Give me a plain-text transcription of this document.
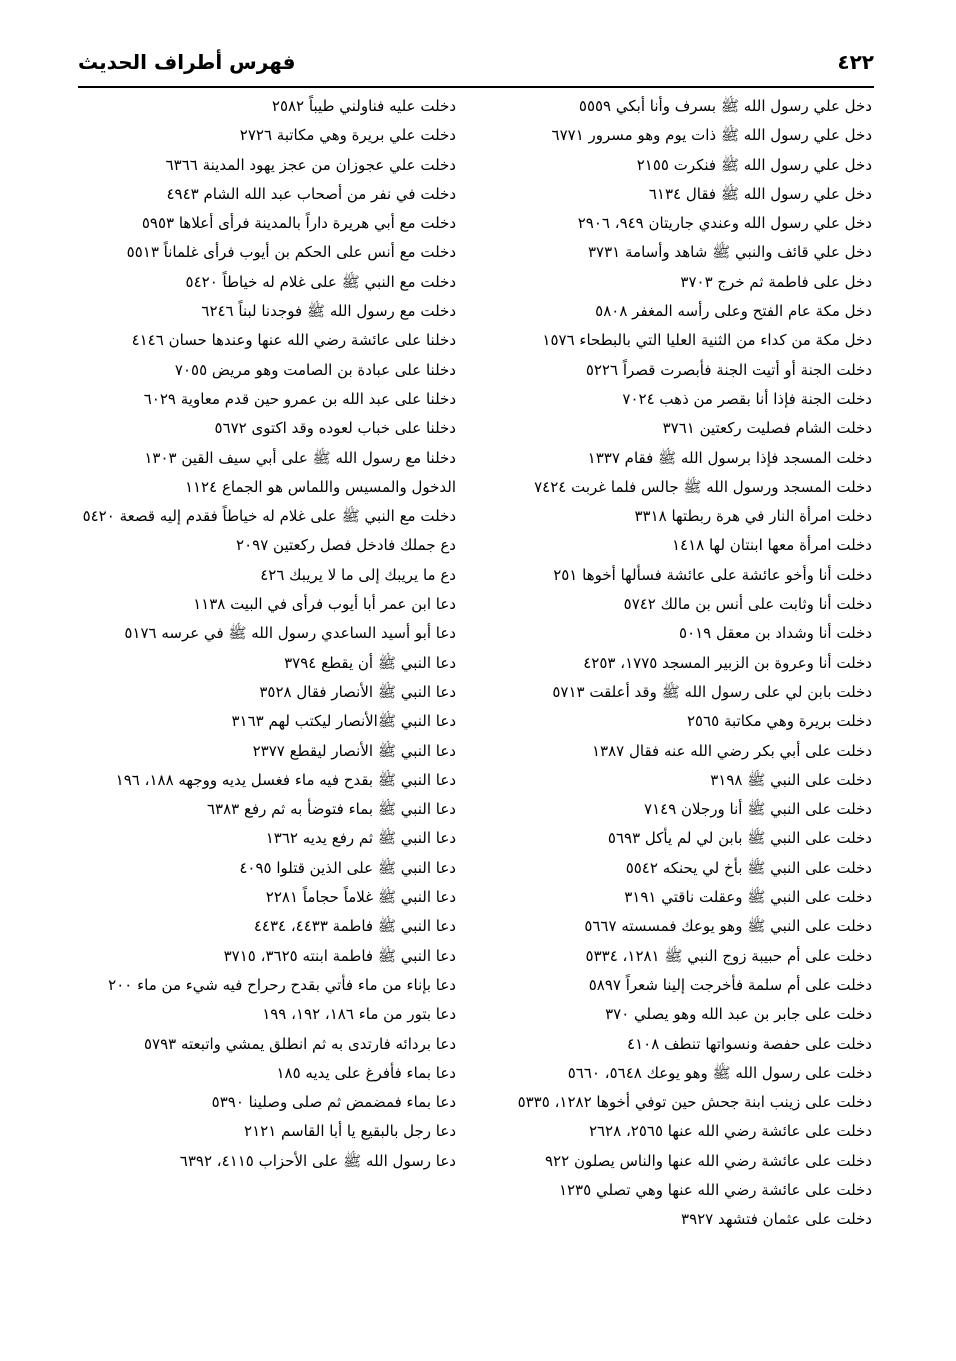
٤٢٢
فهرس أطراف الحديث
دخل علي رسول الله ﷺ بسرف وأنا أبكي ٥٥٥٩
دخل علي رسول الله ﷺ ذات يوم وهو مسرور ٦٧٧١
دخل علي رسول الله ﷺ فنكرت ٢١٥٥
دخل علي رسول الله ﷺ فقال ٦١٣٤
دخل علي رسول الله وعندي جاريتان ٩٤٩، ٢٩٠٦
دخل علي قائف والنبي ﷺ شاهد وأسامة ٣٧٣١
دخل على فاطمة ثم خرج ٣٧٠٣
دخل مكة عام الفتح وعلى رأسه المغفر ٥٨٠٨
دخل مكة من كداء من الثنية العليا التي بالبطحاء ١٥٧٦
دخلت الجنة أو أتيت الجنة فأبصرت قصراً ٥٢٢٦
دخلت الجنة فإذا أنا بقصر من ذهب ٧٠٢٤
دخلت الشام فصليت ركعتين ٣٧٦١
دخلت المسجد فإذا برسول الله ﷺ فقام ١٣٣٧
دخلت المسجد ورسول الله ﷺ جالس فلما غربت ٧٤٢٤
دخلت امرأة النار في هرة ربطتها ٣٣١٨
دخلت امرأة معها ابنتان لها ١٤١٨
دخلت أنا وأخو عائشة على عائشة فسألها أخوها ٢٥١
دخلت أنا وثابت على أنس بن مالك ٥٧٤٢
دخلت أنا وشداد بن معقل ٥٠١٩
دخلت أنا وعروة بن الزبير المسجد ١٧٧٥، ٤٢٥٣
دخلت بابن لي على رسول الله ﷺ وقد أعلقت ٥٧١٣
دخلت بريرة وهي مكاتبة ٢٥٦٥
دخلت على أبي بكر رضي الله عنه فقال ١٣٨٧
دخلت على النبي ﷺ ٣١٩٨
دخلت على النبي ﷺ أنا ورجلان ٧١٤٩
دخلت على النبي ﷺ بابن لي لم يأكل ٥٦٩٣
دخلت على النبي ﷺ بأخ لي يحنكه ٥٥٤٢
دخلت على النبي ﷺ وعقلت ناقتي ٣١٩١
دخلت على النبي ﷺ وهو يوعك فمسسته ٥٦٦٧
دخلت على أم حبيبة زوج النبي ﷺ ١٢٨١، ٥٣٣٤
دخلت على أم سلمة فأخرجت إلينا شعراً ٥٨٩٧
دخلت على جابر بن عبد الله وهو يصلي ٣٧٠
دخلت على حفصة ونسواتها تنطف ٤١٠٨
دخلت على رسول الله ﷺ وهو يوعك ٥٦٤٨، ٥٦٦٠
دخلت على زينب ابنة جحش حين توفي أخوها ١٢٨٢، ٥٣٣٥
دخلت على عائشة رضي الله عنها ٢٥٦٥، ٢٦٢٨
دخلت على عائشة رضي الله عنها والناس يصلون ٩٢٢
دخلت على عائشة رضي الله عنها وهي تصلي ١٢٣٥
دخلت على عثمان فتشهد ٣٩٢٧
دخلت عليه فناولني طيباً ٢٥٨٢
دخلت علي بريرة وهي مكاتبة ٢٧٢٦
دخلت علي عجوزان من عجز يهود المدينة ٦٣٦٦
دخلت في نفر من أصحاب عبد الله الشام ٤٩٤٣
دخلت مع أبي هريرة داراً بالمدينة فرأى أعلاها ٥٩٥٣
دخلت مع أنس على الحكم بن أيوب فرأى غلماناً ٥٥١٣
دخلت مع النبي ﷺ على غلام له خياطاً ٥٤٢٠
دخلت مع رسول الله ﷺ فوجدنا لبناً ٦٢٤٦
دخلنا على عائشة رضي الله عنها وعندها حسان ٤١٤٦
دخلنا على عبادة بن الصامت وهو مريض ٧٠٥٥
دخلنا على عبد الله بن عمرو حين قدم معاوية ٦٠٢٩
دخلنا على خباب لعوده وقد اكتوى ٥٦٧٢
دخلنا مع رسول الله ﷺ على أبي سيف القين ١٣٠٣
الدخول والمسيس واللماس هو الجماع ١١٢٤
دخلت مع النبي ﷺ على غلام له خياطاً فقدم إليه قصعة ٥٤٢٠
دع جملك فادخل فصل ركعتين ٢٠٩٧
دع ما يريبك إلى ما لا يريبك ٤٢٦
دعا ابن عمر أبا أيوب فرأى في البيت ١١٣٨
دعا أبو أسيد الساعدي رسول الله ﷺ في عرسه ٥١٧٦
دعا النبي ﷺ أن يقطع ٣٧٩٤
دعا النبي ﷺ الأنصار فقال ٣٥٢٨
دعا النبي ﷺالأنصار ليكتب لهم ٣١٦٣
دعا النبي ﷺ الأنصار ليقطع ٢٣٧٧
دعا النبي ﷺ بقدح فيه ماء فغسل يديه ووجهه ١٨٨، ١٩٦
دعا النبي ﷺ بماء فتوضأ به ثم رفع ٦٣٨٣
دعا النبي ﷺ ثم رفع يديه ١٣٦٢
دعا النبي ﷺ على الذين قتلوا ٤٠٩٥
دعا النبي ﷺ غلاماً حجاماً ٢٢٨١
دعا النبي ﷺ فاطمة ٤٤٣٣، ٤٤٣٤
دعا النبي ﷺ فاطمة ابنته ٣٦٢٥، ٣٧١٥
دعا بإناء من ماء فأتي بقدح رحراح فيه شيء من ماء ٢٠٠
دعا بتور من ماء ١٨٦، ١٩٢، ١٩٩
دعا بردائه فارتدى به ثم انطلق يمشي واتبعته ٥٧٩٣
دعا بماء فأفرغ على يديه ١٨٥
دعا بماء فمضمض ثم صلى وصلينا ٥٣٩٠
دعا رجل بالبقيع يا أبا القاسم ٢١٢١
دعا رسول الله ﷺ على الأحزاب ٤١١٥، ٦٣٩٢
